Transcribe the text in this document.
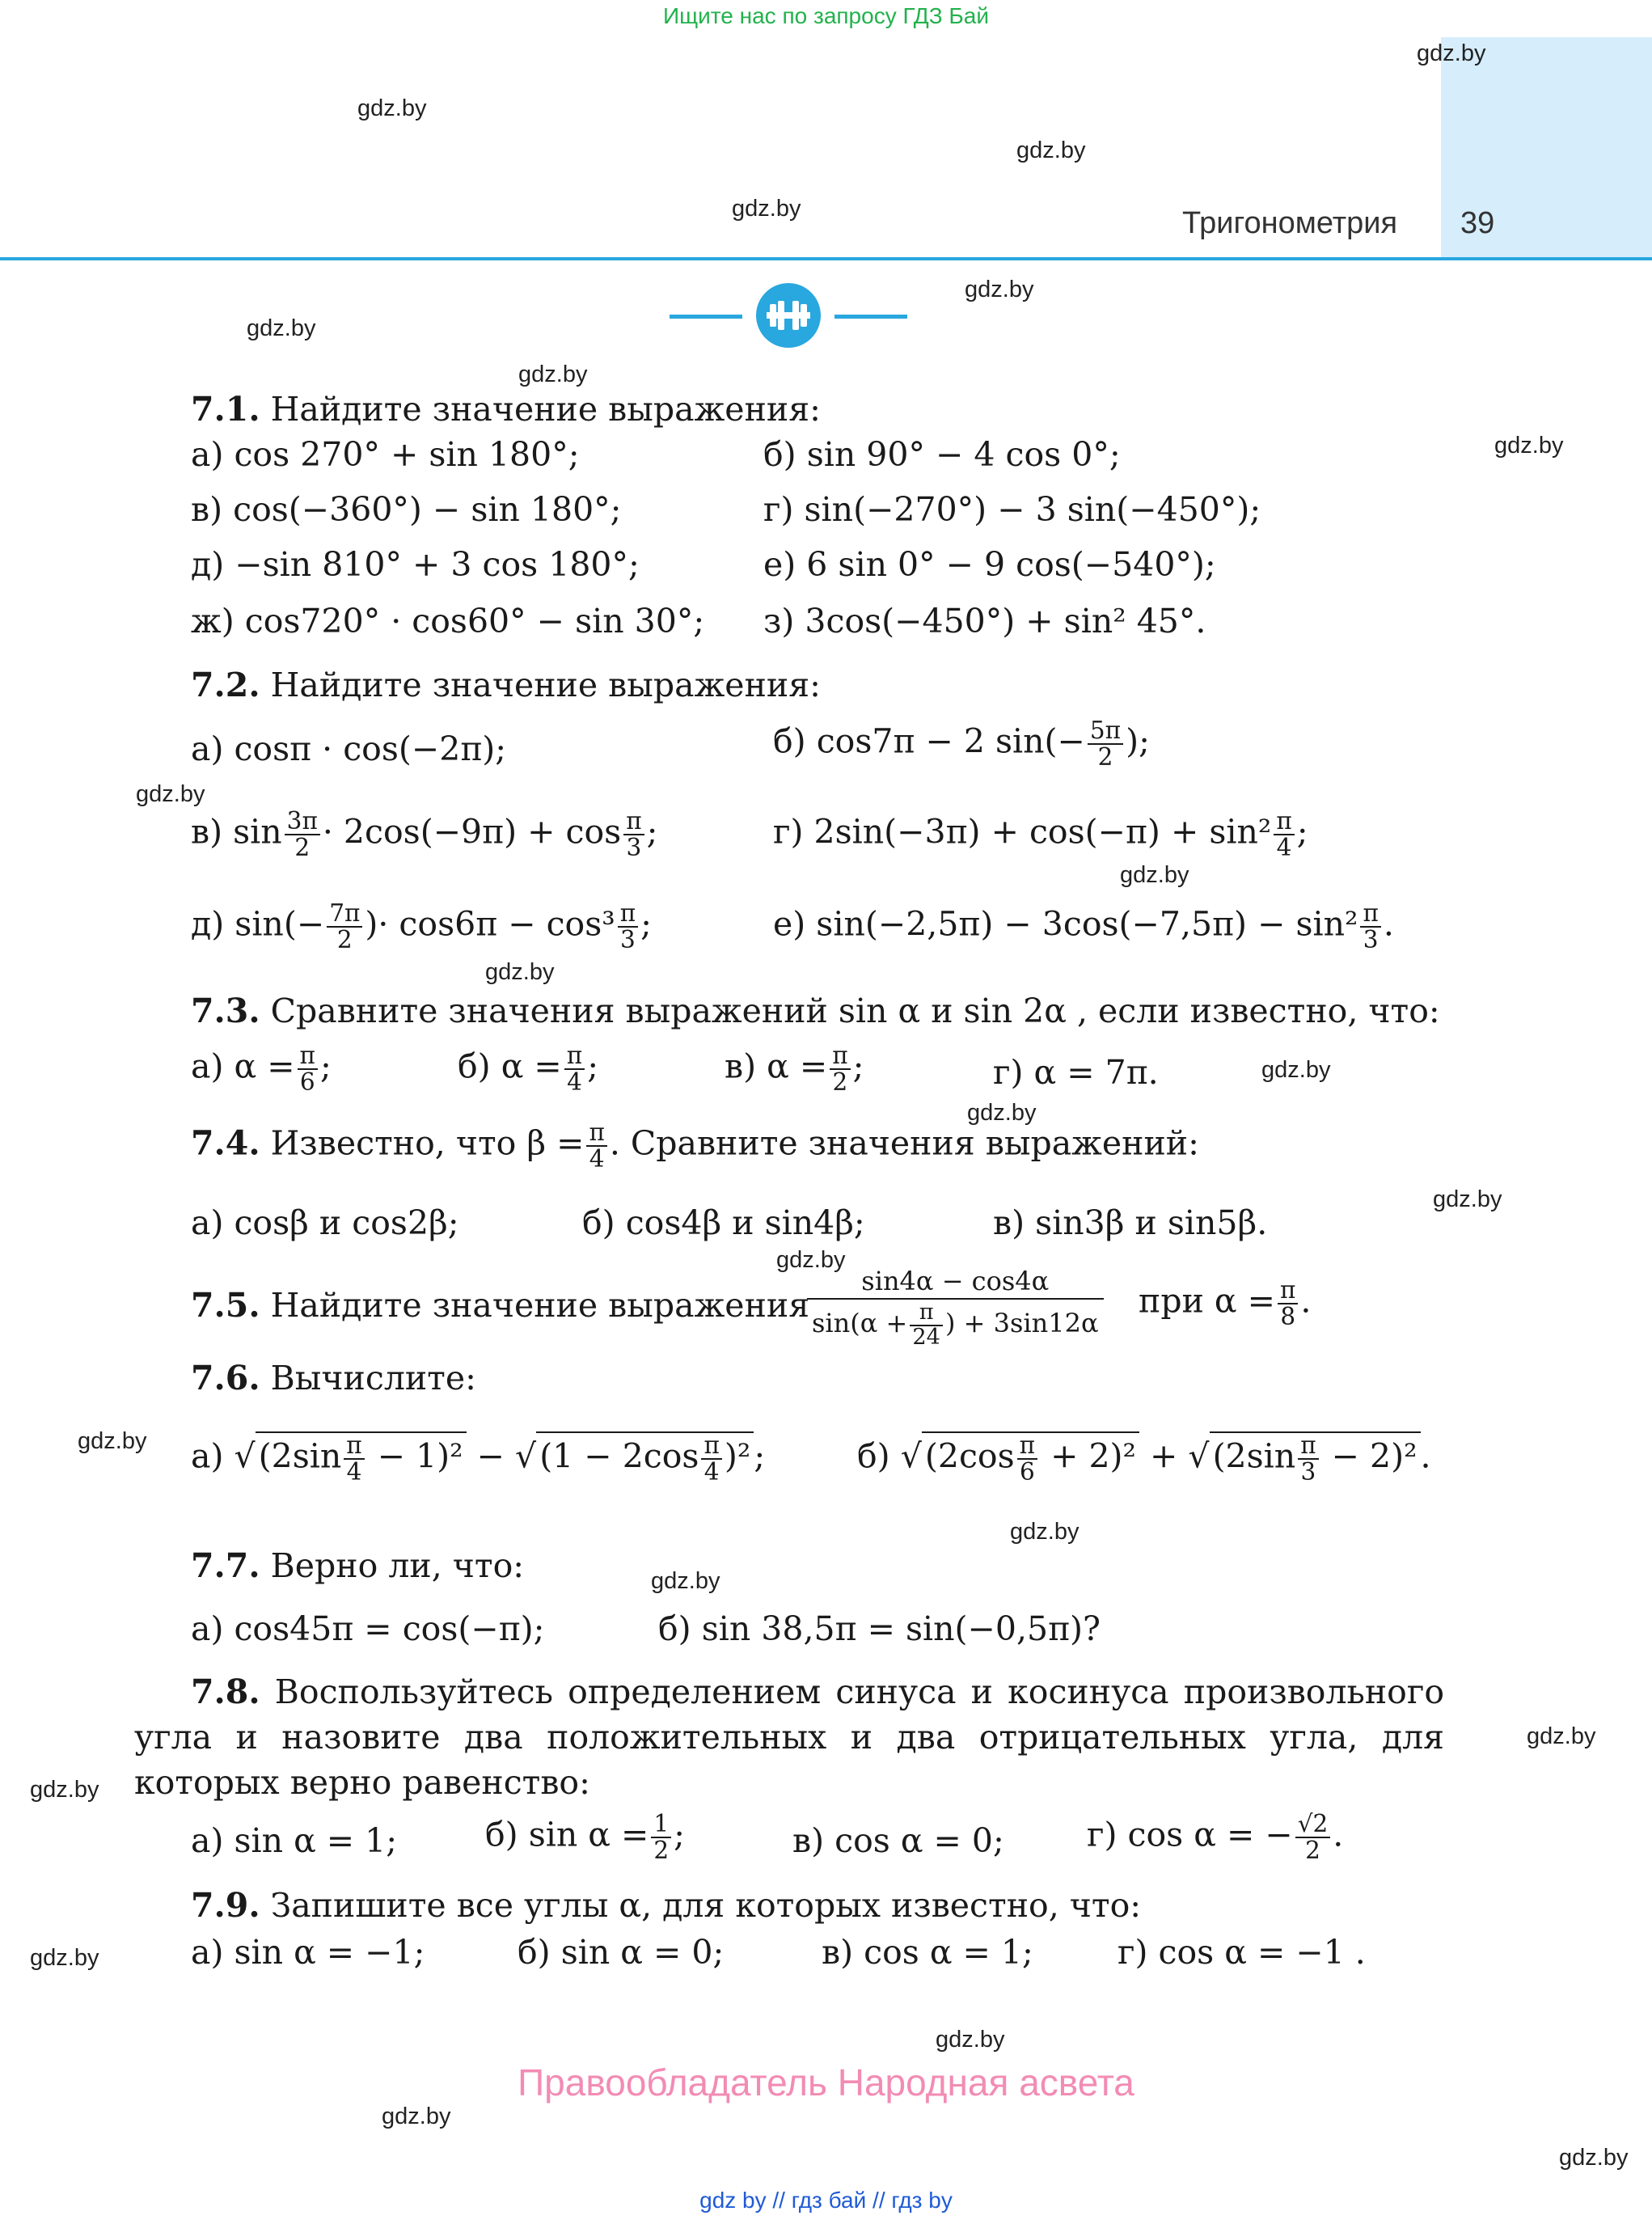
Ищите нас по запросу ГДЗ Бай
Тригонометрия 39
gdz.by
gdz.by
gdz.by
gdz.by
gdz.by
gdz.by
gdz.by
gdz.by
gdz.by
gdz.by
gdz.by
gdz.by
gdz.by
gdz.by
gdz.by
gdz.by
gdz.by
gdz.by
gdz.by
gdz.by
gdz.by
gdz.by
gdz.by
gdz.by
7.1. Найдите значение выражения:
а) cos 270° + sin 180°;	б) sin 90° − 4 cos 0°;
в) cos(−360°) − sin 180°;	г) sin(−270°) − 3 sin(−450°);
д) −sin 810° + 3 cos 180°;	е) 6 sin 0° − 9 cos(−540°);
ж) cos720° · cos60° − sin 30°; з) 3cos(−450°) + sin² 45°.
7.2. Найдите значение выражения:
а) cosπ · cos(−2π);	б) cos7π − 2 $\sin(- \frac{5\pi}{2}$ );
в) $\sin \frac{3\pi}{2} \cdot 2\cos(-9\pi) + \cos \frac{\pi}{3}$ ;	г) $2\sin(-3\pi) + \cos(-\pi) + \sin^2 \frac{\pi}{4}$ ;
д) $\sin(- \frac{7\pi}{2}$ )· $\cos 6\pi - \cos^3 \frac{\pi}{3}$ ;	е) $\sin(-2,5\pi) - 3\cos(-7,5\pi) - \sin^2 \frac{\pi}{3}$ .
7.3. Сравните значения выражений sin α и sin 2α , если известно, что:
а) $\alpha = \frac{\pi}{6}$ ;	б) $\alpha = \frac{\pi}{4}$ ;	в) $\alpha = \frac{\pi}{2}$ ;	г) α = 7π.
7.4. Известно, что $\beta = \frac{\pi}{4}$ . Сравните значения выражений:
а) cosβ и cos2β;	б) cos4β и sin4β;	в) sin3β и sin5β.
7.5. Найдите значение выражения
$\frac{\sin 4\alpha - \cos 4\alpha}{\sin(\alpha + \frac{\pi}{24} ) + 3\sin 12\alpha}$ при $\alpha = \frac{\pi}{8}$ .
7.6. Вычислите:
а) $√(2\sin \frac{\pi}{4} - 1)^2 - √(1 - 2\cos \frac{\pi}{4} )^2$;	б) $√(2\cos \frac{\pi}{6} + 2)^2 + √(2\sin \frac{\pi}{3} - 2)^2$.
7.7. Верно ли, что:
а) cos45π = cos(−π);	б) sin 38,5π = sin(−0,5π)?
7.8. Воспользуйтесь определением синуса и косинуса произвольного угла и назовите два положительных и два отрицательных угла, для которых верно равенство:
а) sin α = 1;	б) $\sin \alpha = \frac{1}{2}$ ;	в) cos α = 0; г) cos α = − $\frac{√2}{2}$ .
7.9. Запишите все углы α, для которых известно, что:
а) sin α = −1;	б) sin α = 0;	в) cos α = 1;	г) cos α = −1 .
Правообладатель Народная асвета
gdz by // гдз бай // гдз by
